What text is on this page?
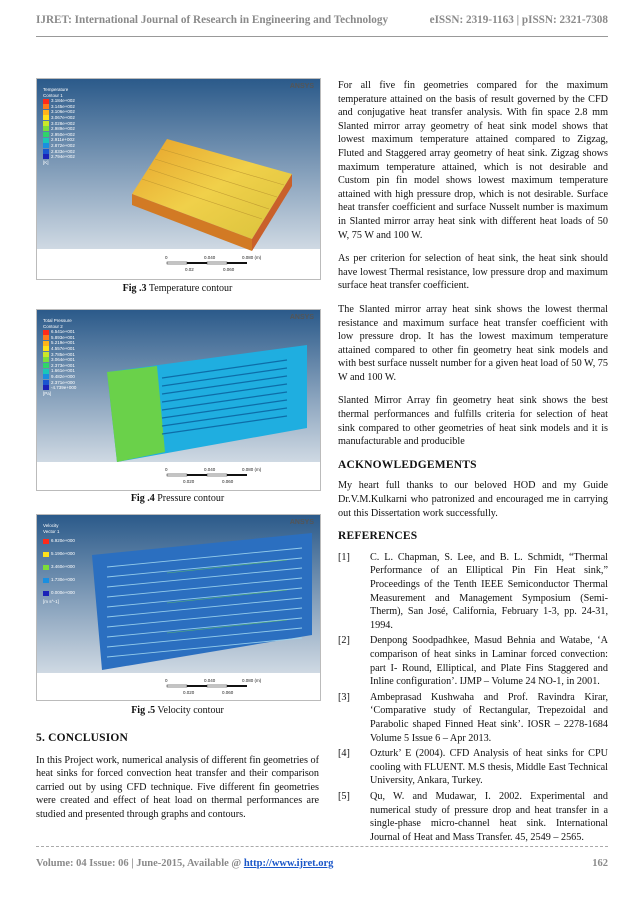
IJRET: International Journal of Research in Engineering and Technology	eISSN: 2319-1163 | pISSN: 2321-7308
ANSYS
Temperature
Contour 1
3.184e+002
3.145e+002
3.106e+002
3.067e+002
3.028e+002
2.989e+002
2.950e+002
2.911e+002
2.872e+002
2.833e+002
2.794e+002
[K]
0	0.040	0.080 (m)
0.02	0.060
Fig .3 Temperature contour
ANSYS
Total Pressure
Contour 2
6.541e+001
5.893e+001
5.219e+001
4.557e+001
3.785e+001
3.064e+001
2.373e+001
1.661e+001
9.482e+000
2.371e+000
-4.739e+000
[Pa]
0	0.040	0.080 (m)
0.020	0.060
Fig .4 Pressure contour
ANSYS
Velocity
Vector 1
6.920e+000
5.190e+000
3.460e+000
1.730e+000
0.000e+000
[m s^-1]
0	0.040	0.080 (m)
0.020	0.060
Fig .5 Velocity contour
5. CONCLUSION

In this Project work, numerical analysis of different fin geometries of heat sinks for forced convection heat transfer and their comparison carried out by using CFD technique. Five different fin geometries were created and effect of heat load on thermal performances are studied and presented through graphs and contours.

For all five fin geometries compared for the maximum temperature attained on the basis of result governed by the CFD and conjugative heat transfer analysis. With fin space 2.8 mm Slanted mirror array geometry of heat sink model shows that lowest maximum temperature attained compared to Zigzag, Fluted and Staggered array geometry of heat sink. Zigzag shows maximum temperature attained, which is not desirable and Custom pin fin model shows lowest maximum temperature attained with high pressure drop, which is not desirable. Surface heat transfer coefficient and surface Nusselt number is maximum in Slanted mirror array heat sink with different heat loads of 50 W, 75 W and 100 W.

As per criterion for selection of heat sink, the heat sink should have lowest Thermal resistance, low pressure drop and maximum surface heat transfer coefficient.

The Slanted mirror array heat sink shows the lowest thermal resistance and maximum surface heat transfer coefficient with low pressure drop. It has the lowest maximum temperature attained compared to other fin geometry heat sink models and with best surface nusselt number for a given heat load of 50 W, 75 W and 100 W.

Slanted Mirror Array fin geometry heat sink shows the best thermal performances and fulfills criteria for selection of heat sink compared to other geometries of heat sink models and it is manufacturable and producible

ACKNOWLEDGEMENTS

My heart full thanks to our beloved HOD and my Guide Dr.V.M.Kulkarni who patronized and encouraged me in carrying out this Dissertation work successfully.

REFERENCES
[1] C. L. Chapman, S. Lee, and B. L. Schmidt, “Thermal Performance of an Elliptical Pin Fin Heat sink,” Proceedings of the Tenth IEEE Semiconductor Thermal Measurement and Management Symposium (Semi-Therm), San José, California, February 1-3, pp. 24-31, 1994.
[2] Denpong Soodpadhkee, Masud Behnia and Watabe, ‘A comparison of heat sinks in Laminar forced convection: part I- Round, Elliptical, and Plate Fins Staggered and Inline configuration’. IJMP – Volume 24 NO-1, in 2001.
[3] Ambeprasad Kushwaha and Prof. Ravindra Kirar, ‘Comparative study of Rectangular, Trepezoidal and Parabolic shaped Finned Heat sink’. IOSR – 2278-1684 Volume 5 Issue 6 – Apr 2013.
[4] Ozturk’ E (2004). CFD Analysis of heat sinks for CPU cooling with FLUENT. M.S thesis, Middle East Technical University, Ankara, Turkey.
[5] Qu, W. and Mudawar, I. 2002. Experimental and numerical study of pressure drop and heat transfer in a single-phase micro-channel heat sink. International Journal of Heat and Mass Transfer. 45, 2549 – 2565.
Volume: 04 Issue: 06 | June-2015, Available @ http://www.ijret.org	162
